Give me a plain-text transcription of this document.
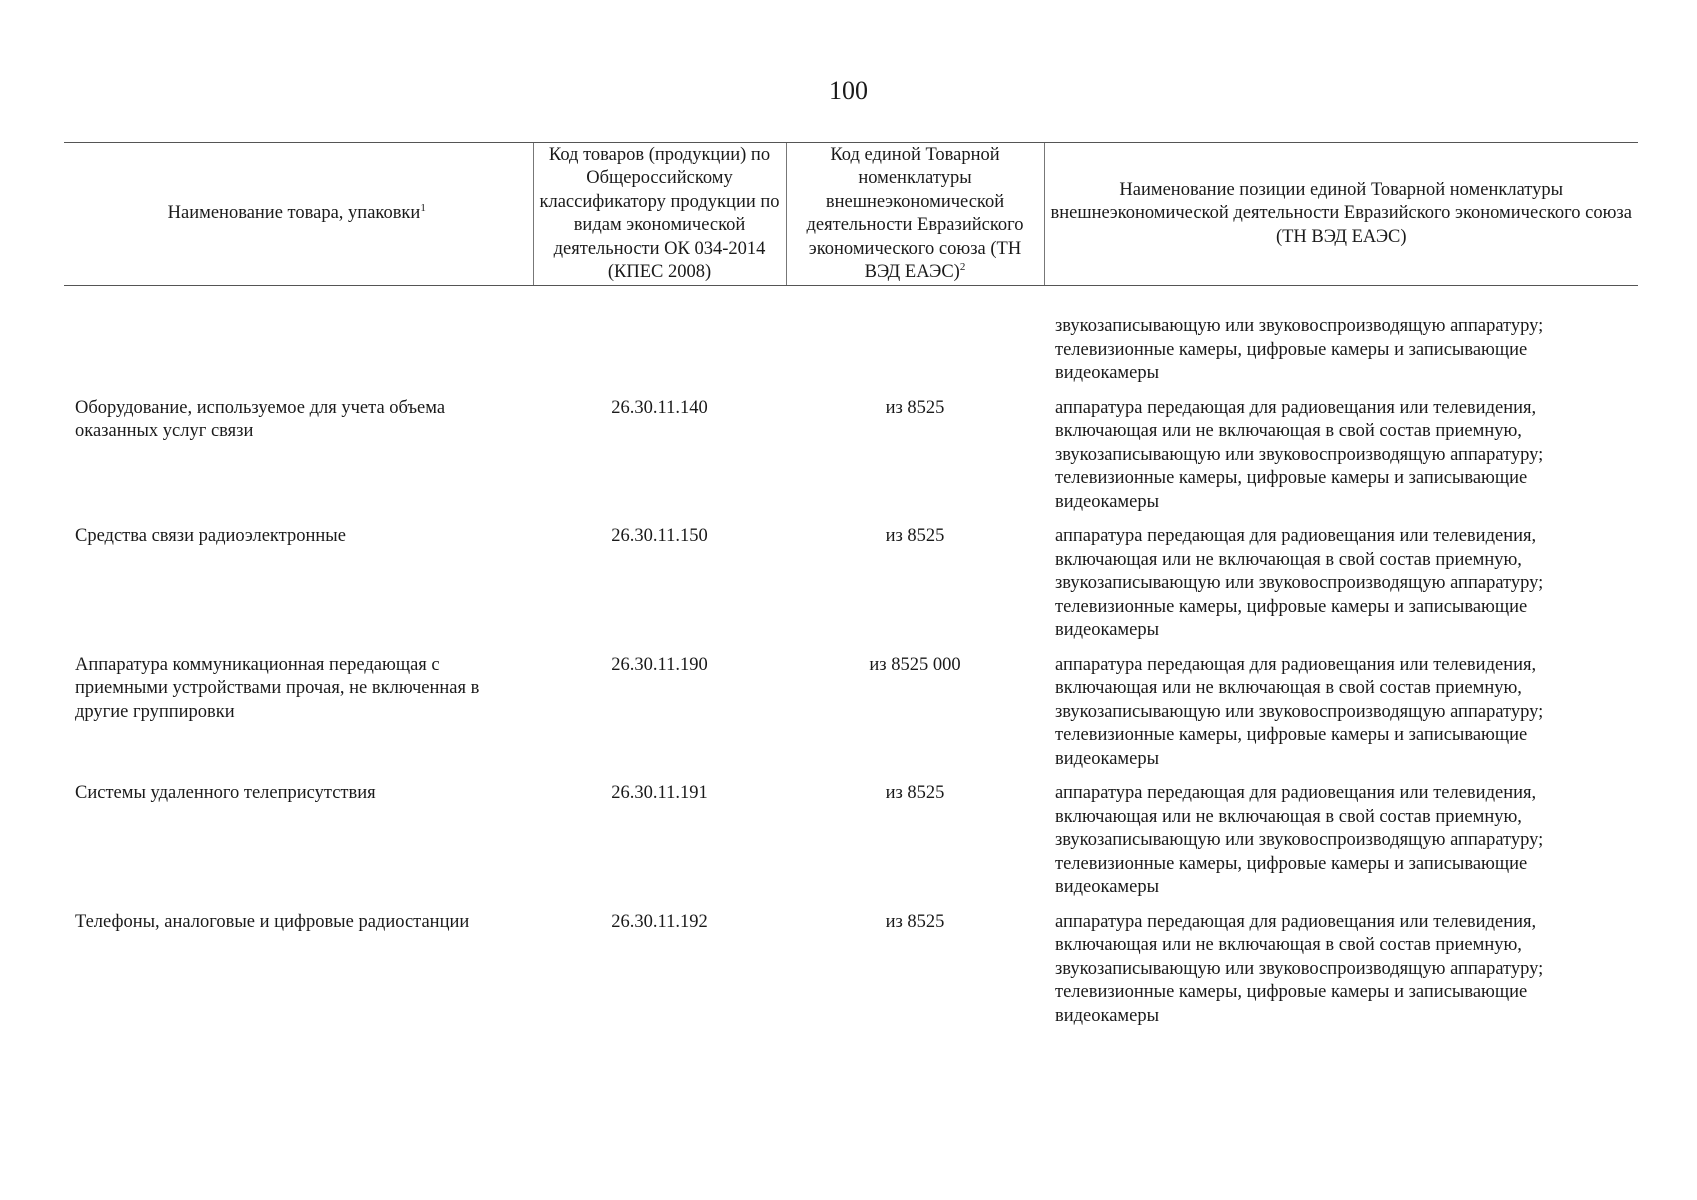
100
Наименование товара, упаковки$^1$	Код товаров (продукции) по Общероссийскому классификатору продукции по видам экономической деятельности ОК 034-2014 (КПЕС 2008)	Код единой Товарной номенклатуры внешнеэкономической деятельности Евразийского экономического союза (ТН ВЭД ЕАЭС)$^2$	Наименование позиции единой Товарной номенклатуры внешнеэкономической деятельности Евразийского экономического союза (ТН ВЭД ЕАЭС)
			звукозаписывающую или звуковоспроизводящую аппаратуру; телевизионные камеры, цифровые камеры и записывающие видеокамеры
Оборудование, используемое для учета объема оказанных услуг связи	26.30.11.140	из 8525	аппаратура передающая для радиовещания или телевидения, включающая или не включающая в свой состав приемную, звукозаписывающую или звуковоспроизводящую аппаратуру; телевизионные камеры, цифровые камеры и записывающие видеокамеры
Средства связи радиоэлектронные	26.30.11.150	из 8525	аппаратура передающая для радиовещания или телевидения, включающая или не включающая в свой состав приемную, звукозаписывающую или звуковоспроизводящую аппаратуру; телевизионные камеры, цифровые камеры и записывающие видеокамеры
Аппаратура коммуникационная передающая с приемными устройствами прочая, не включенная в другие группировки	26.30.11.190	из 8525 000	аппаратура передающая для радиовещания или телевидения, включающая или не включающая в свой состав приемную, звукозаписывающую или звуковоспроизводящую аппаратуру; телевизионные камеры, цифровые камеры и записывающие видеокамеры
Системы удаленного телеприсутствия	26.30.11.191	из 8525	аппаратура передающая для радиовещания или телевидения, включающая или не включающая в свой состав приемную, звукозаписывающую или звуковоспроизводящую аппаратуру; телевизионные камеры, цифровые камеры и записывающие видеокамеры
Телефоны, аналоговые и цифровые радиостанции	26.30.11.192	из 8525	аппаратура передающая для радиовещания или телевидения, включающая или не включающая в свой состав приемную, звукозаписывающую или звуковоспроизводящую аппаратуру; телевизионные камеры, цифровые камеры и записывающие видеокамеры
